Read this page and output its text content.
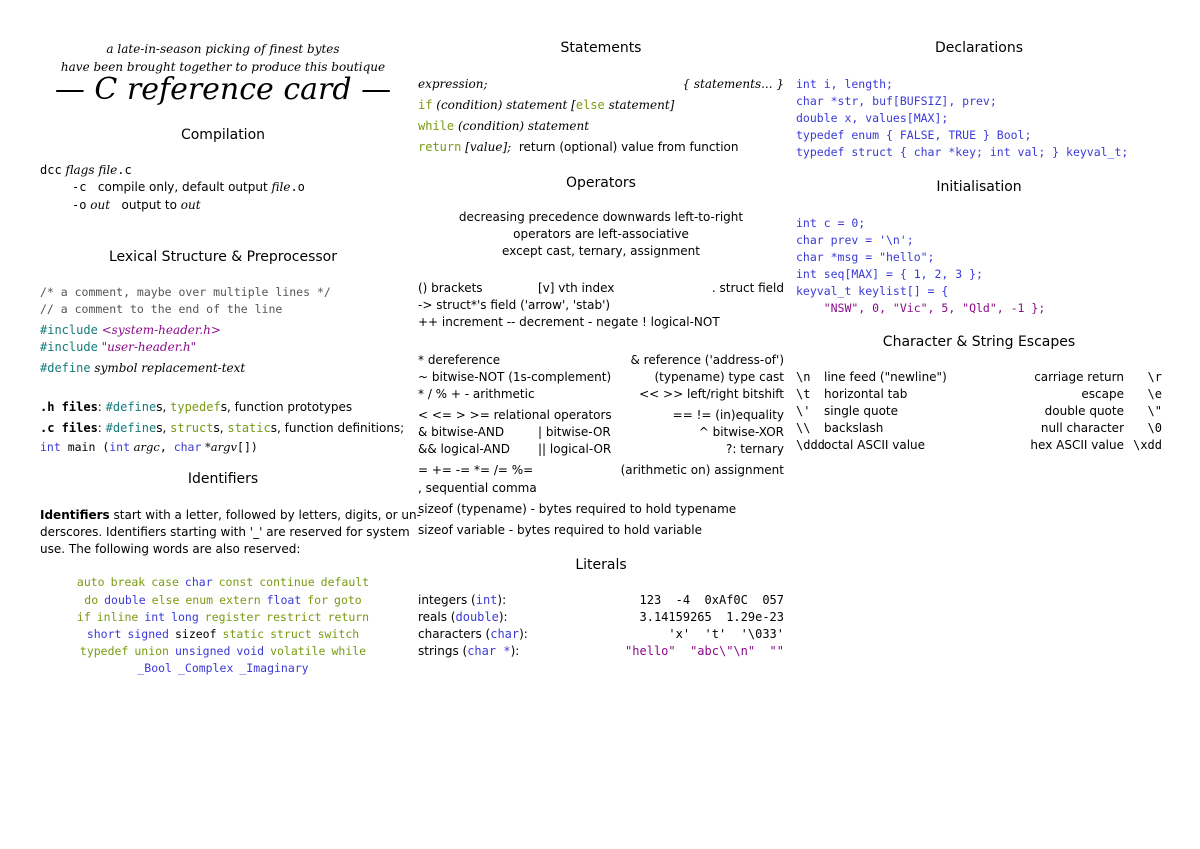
a late-in-season picking of finest bytes
have been brought together to produce this boutique
— C reference card —
Compilation
dcc flags file.c
-c compile only, default output file.o
-o out output to out
Lexical Structure & Preprocessor
/* a comment, maybe over multiple lines */
// a comment to the end of the line
#include <system-header.h>
#include "user-header.h"
#define symbol replacement-text
.h files: #defines, typedefs, function prototypes
.c files: #defines, structs, statics, function definitions;
int main (int argc, char *argv[])
Identifiers
Identifiers start with a letter, followed by letters, digits, or un-
derscores. Identifiers starting with '_' are reserved for system
use. The following words are also reserved:
auto break case char const continue default
do double else enum extern float for goto
if inline int long register restrict return
short signed sizeof static struct switch
typedef union unsigned void volatile while
_Bool _Complex _Imaginary
Statements
expression;	{ statements... }
if (condition) statement [else statement]
while (condition) statement
return [value]; return (optional) value from function
Operators
decreasing precedence downwards left-to-right
operators are left-associative
except cast, ternary, assignment
() brackets	[v] vth index	. struct field
-> struct*'s field ('arrow', 'stab')
++ increment -- decrement - negate ! logical-NOT
* dereference	& reference ('address-of')
~ bitwise-NOT (1s-complement)	(typename) type cast
* / % + - arithmetic	<< >> left/right bitshift
< <= > >= relational operators	== != (in)equality
& bitwise-AND	| bitwise-OR	^ bitwise-XOR
&& logical-AND || logical-OR	?: ternary
= += -= *= /= %=	(arithmetic on) assignment
, sequential comma
sizeof (typename) - bytes required to hold typename
sizeof variable - bytes required to hold variable
Literals
integers (int):	123  -4  0xAf0C  057
reals (double):	3.14159265  1.29e-23
characters (char):	'x'  't'  '\033'
strings (char *):	"hello"  "abc\"\n"  ""
Declarations
int i, length;
char *str, buf[BUFSIZ], prev;
double x, values[MAX];
typedef enum { FALSE, TRUE } Bool;
typedef struct { char *key; int val; } keyval_t;
Initialisation
int c = 0;
char prev = '\n';
char *msg = "hello";
int seq[MAX] = { 1, 2, 3 };
keyval_t keylist[] = {
"NSW", 0, "Vic", 5, "Qld", -1 };
Character & String Escapes
\n line feed ("newline")	carriage return \r
\t horizontal tab	escape \e
\' single quote	double quote \"
\\ backslash	null character \0
\dddoctal ASCII value	hex ASCII value \xdd
